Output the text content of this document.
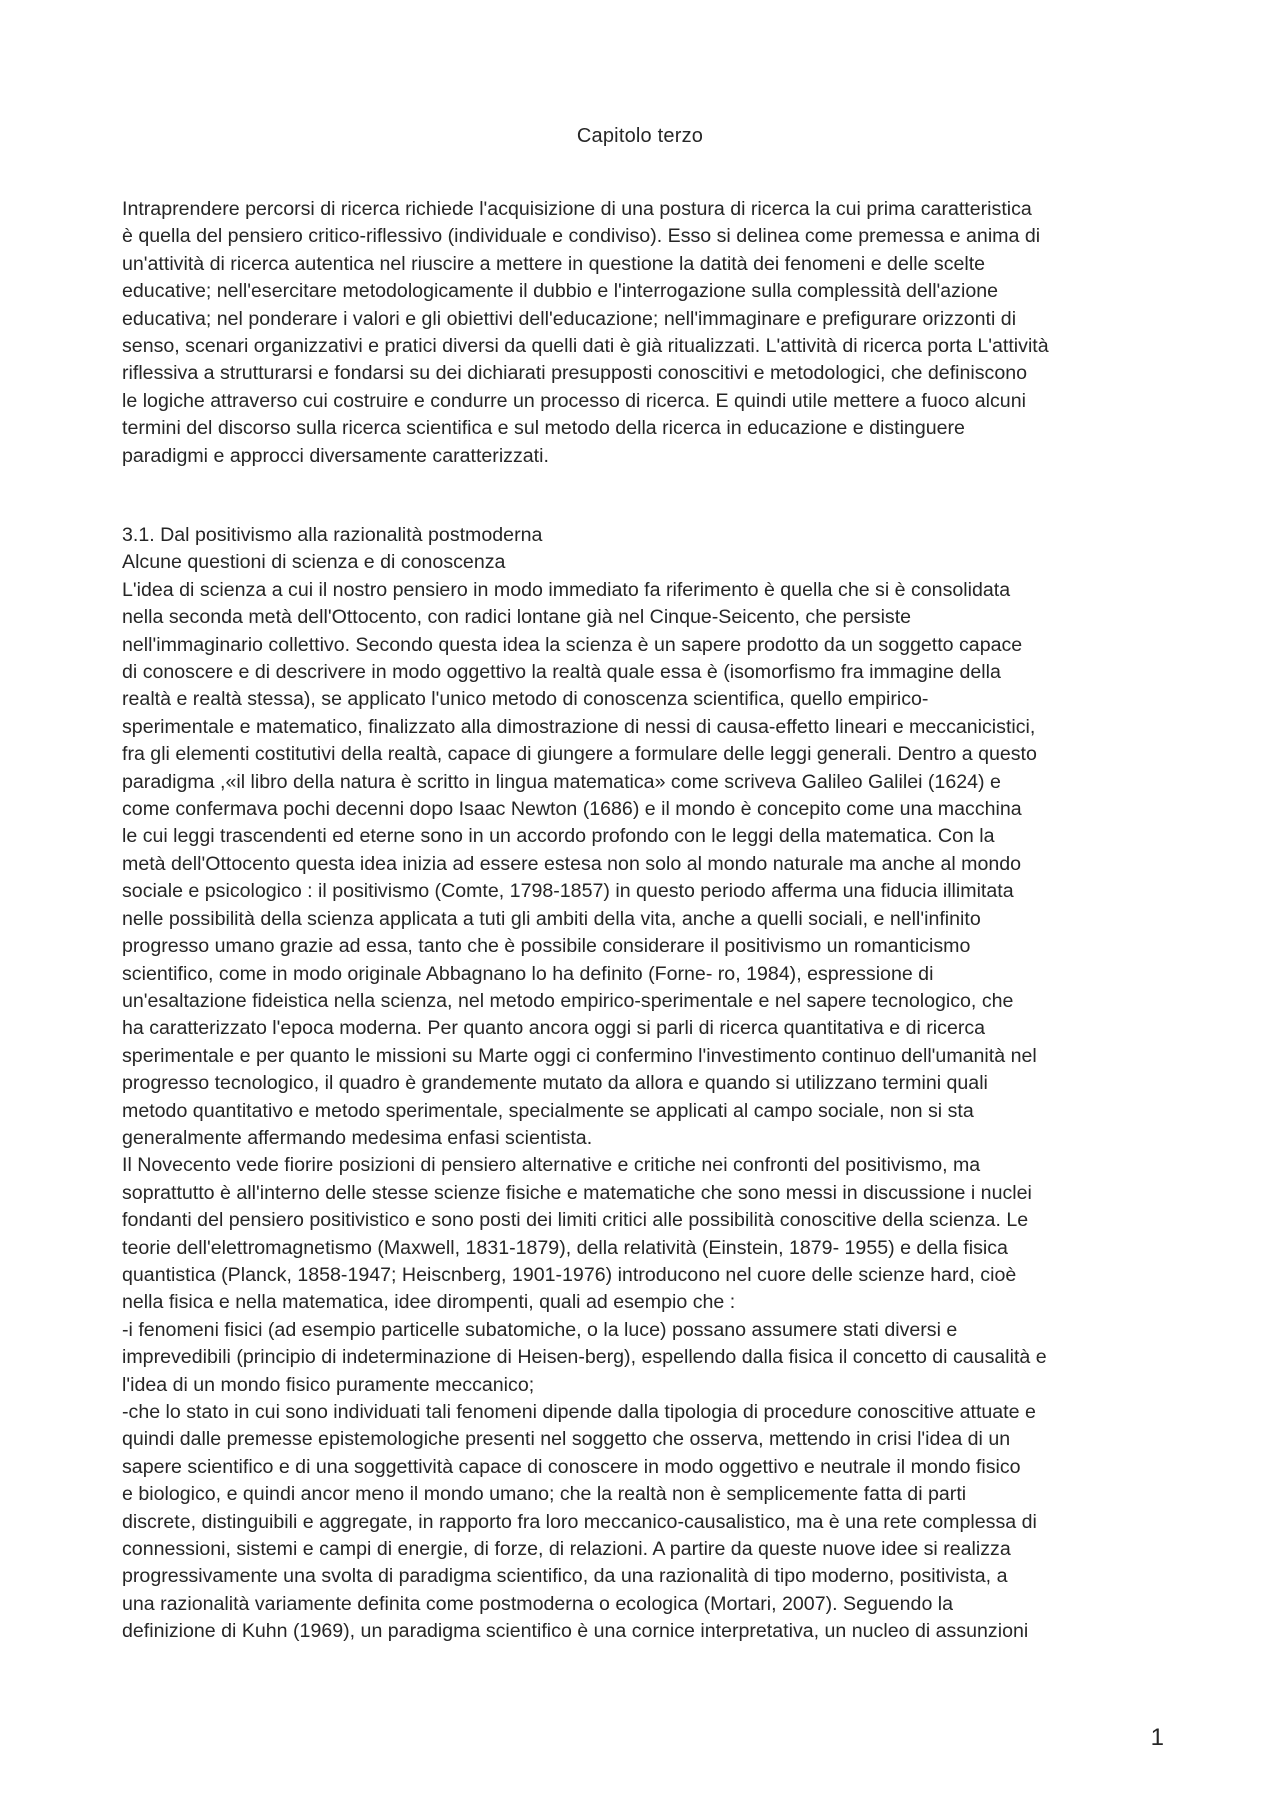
Capitolo terzo
Intraprendere percorsi di ricerca richiede l'acquisizione di una postura di ricerca la cui prima caratteristica
è quella del pensiero critico-riflessivo (individuale e condiviso). Esso si delinea come premessa e anima di
un'attività di ricerca autentica nel riuscire a mettere in questione la datità dei fenomeni e delle scelte
educative; nell'esercitare metodologicamente il dubbio e l'interrogazione sulla complessità dell'azione
educativa; nel ponderare i valori e gli obiettivi dell'educazione; nell'immaginare e prefigurare orizzonti di
senso, scenari organizzativi e pratici diversi da quelli dati è già ritualizzati. L'attività di ricerca porta L'attività
riflessiva a strutturarsi e fondarsi su dei dichiarati presupposti conoscitivi e metodologici, che definiscono
le logiche attraverso cui costruire e condurre un processo di ricerca. E quindi utile mettere a fuoco alcuni
termini del discorso sulla ricerca scientifica e sul metodo della ricerca in educazione e distinguere
paradigmi e approcci diversamente caratterizzati.
3.1. Dal positivismo alla razionalità postmoderna
Alcune questioni di scienza e di conoscenza
L'idea di scienza a cui il nostro pensiero in modo immediato fa riferimento è quella che si è consolidata
nella seconda metà dell'Ottocento, con radici lontane già nel Cinque-Seicento, che persiste
nell'immaginario collettivo. Secondo questa idea la scienza è un sapere prodotto da un soggetto capace
di conoscere e di descrivere in modo oggettivo la realtà quale essa è (isomorfismo fra immagine della
realtà e realtà stessa), se applicato l'unico metodo di conoscenza scientifica, quello empirico-
sperimentale e matematico, finalizzato alla dimostrazione di nessi di causa-effetto lineari e meccanicistici,
fra gli elementi costitutivi della realtà, capace di giungere a formulare delle leggi generali. Dentro a questo
paradigma ,«il libro della natura è scritto in lingua matematica» come scriveva Galileo Galilei (1624) e
come confermava pochi decenni dopo Isaac Newton (1686) e il mondo è concepito come una macchina
le cui leggi trascendenti ed eterne sono in un accordo profondo con le leggi della matematica. Con la
metà dell'Ottocento questa idea inizia ad essere estesa non solo al mondo naturale ma anche al mondo
sociale e psicologico : il positivismo (Comte, 1798-1857) in questo periodo afferma una fiducia illimitata
nelle possibilità della scienza applicata a tuti gli ambiti della vita, anche a quelli sociali, e nell'infinito
progresso umano grazie ad essa, tanto che è possibile considerare il positivismo un romanticismo
scientifico, come in modo originale Abbagnano lo ha definito (Forne- ro, 1984), espressione di
un'esaltazione fideistica nella scienza, nel metodo empirico-sperimentale e nel sapere tecnologico, che
ha caratterizzato l'epoca moderna. Per quanto ancora oggi si parli di ricerca quantitativa e di ricerca
sperimentale e per quanto le missioni su Marte oggi ci confermino l'investimento continuo dell'umanità nel
progresso tecnologico, il quadro è grandemente mutato da allora e quando si utilizzano termini quali
metodo quantitativo e metodo sperimentale, specialmente se applicati al campo sociale, non si sta
generalmente affermando medesima enfasi scientista.
Il Novecento vede fiorire posizioni di pensiero alternative e critiche nei confronti del positivismo, ma
soprattutto è all'interno delle stesse scienze fisiche e matematiche che sono messi in discussione i nuclei
fondanti del pensiero positivistico e sono posti dei limiti critici alle possibilità conoscitive della scienza. Le
teorie dell'elettromagnetismo (Maxwell, 1831-1879), della relatività (Einstein, 1879- 1955) e della fisica
quantistica (Planck, 1858-1947; Heiscnberg, 1901-1976) introducono nel cuore delle scienze hard, cioè
nella fisica e nella matematica, idee dirompenti, quali ad esempio che :
-i fenomeni fisici (ad esempio particelle subatomiche, o la luce) possano assumere stati diversi e
imprevedibili (principio di indeterminazione di Heisen-berg), espellendo dalla fisica il concetto di causalità e
l'idea di un mondo fisico puramente meccanico;
-che lo stato in cui sono individuati tali fenomeni dipende dalla tipologia di procedure conoscitive attuate e
quindi dalle premesse epistemologiche presenti nel soggetto che osserva, mettendo in crisi l'idea di un
sapere scientifico e di una soggettività capace di conoscere in modo oggettivo e neutrale il mondo fisico
e biologico, e quindi ancor meno il mondo umano; che la realtà non è semplicemente fatta di parti
discrete, distinguibili e aggregate, in rapporto fra loro meccanico-causalistico, ma è una rete complessa di
connessioni, sistemi e campi di energie, di forze, di relazioni. A partire da queste nuove idee si realizza
progressivamente una svolta di paradigma scientifico, da una razionalità di tipo moderno, positivista, a
una razionalità variamente definita come postmoderna o ecologica (Mortari, 2007). Seguendo la
definizione di Kuhn (1969), un paradigma scientifico è una cornice interpretativa, un nucleo di assunzioni
1
